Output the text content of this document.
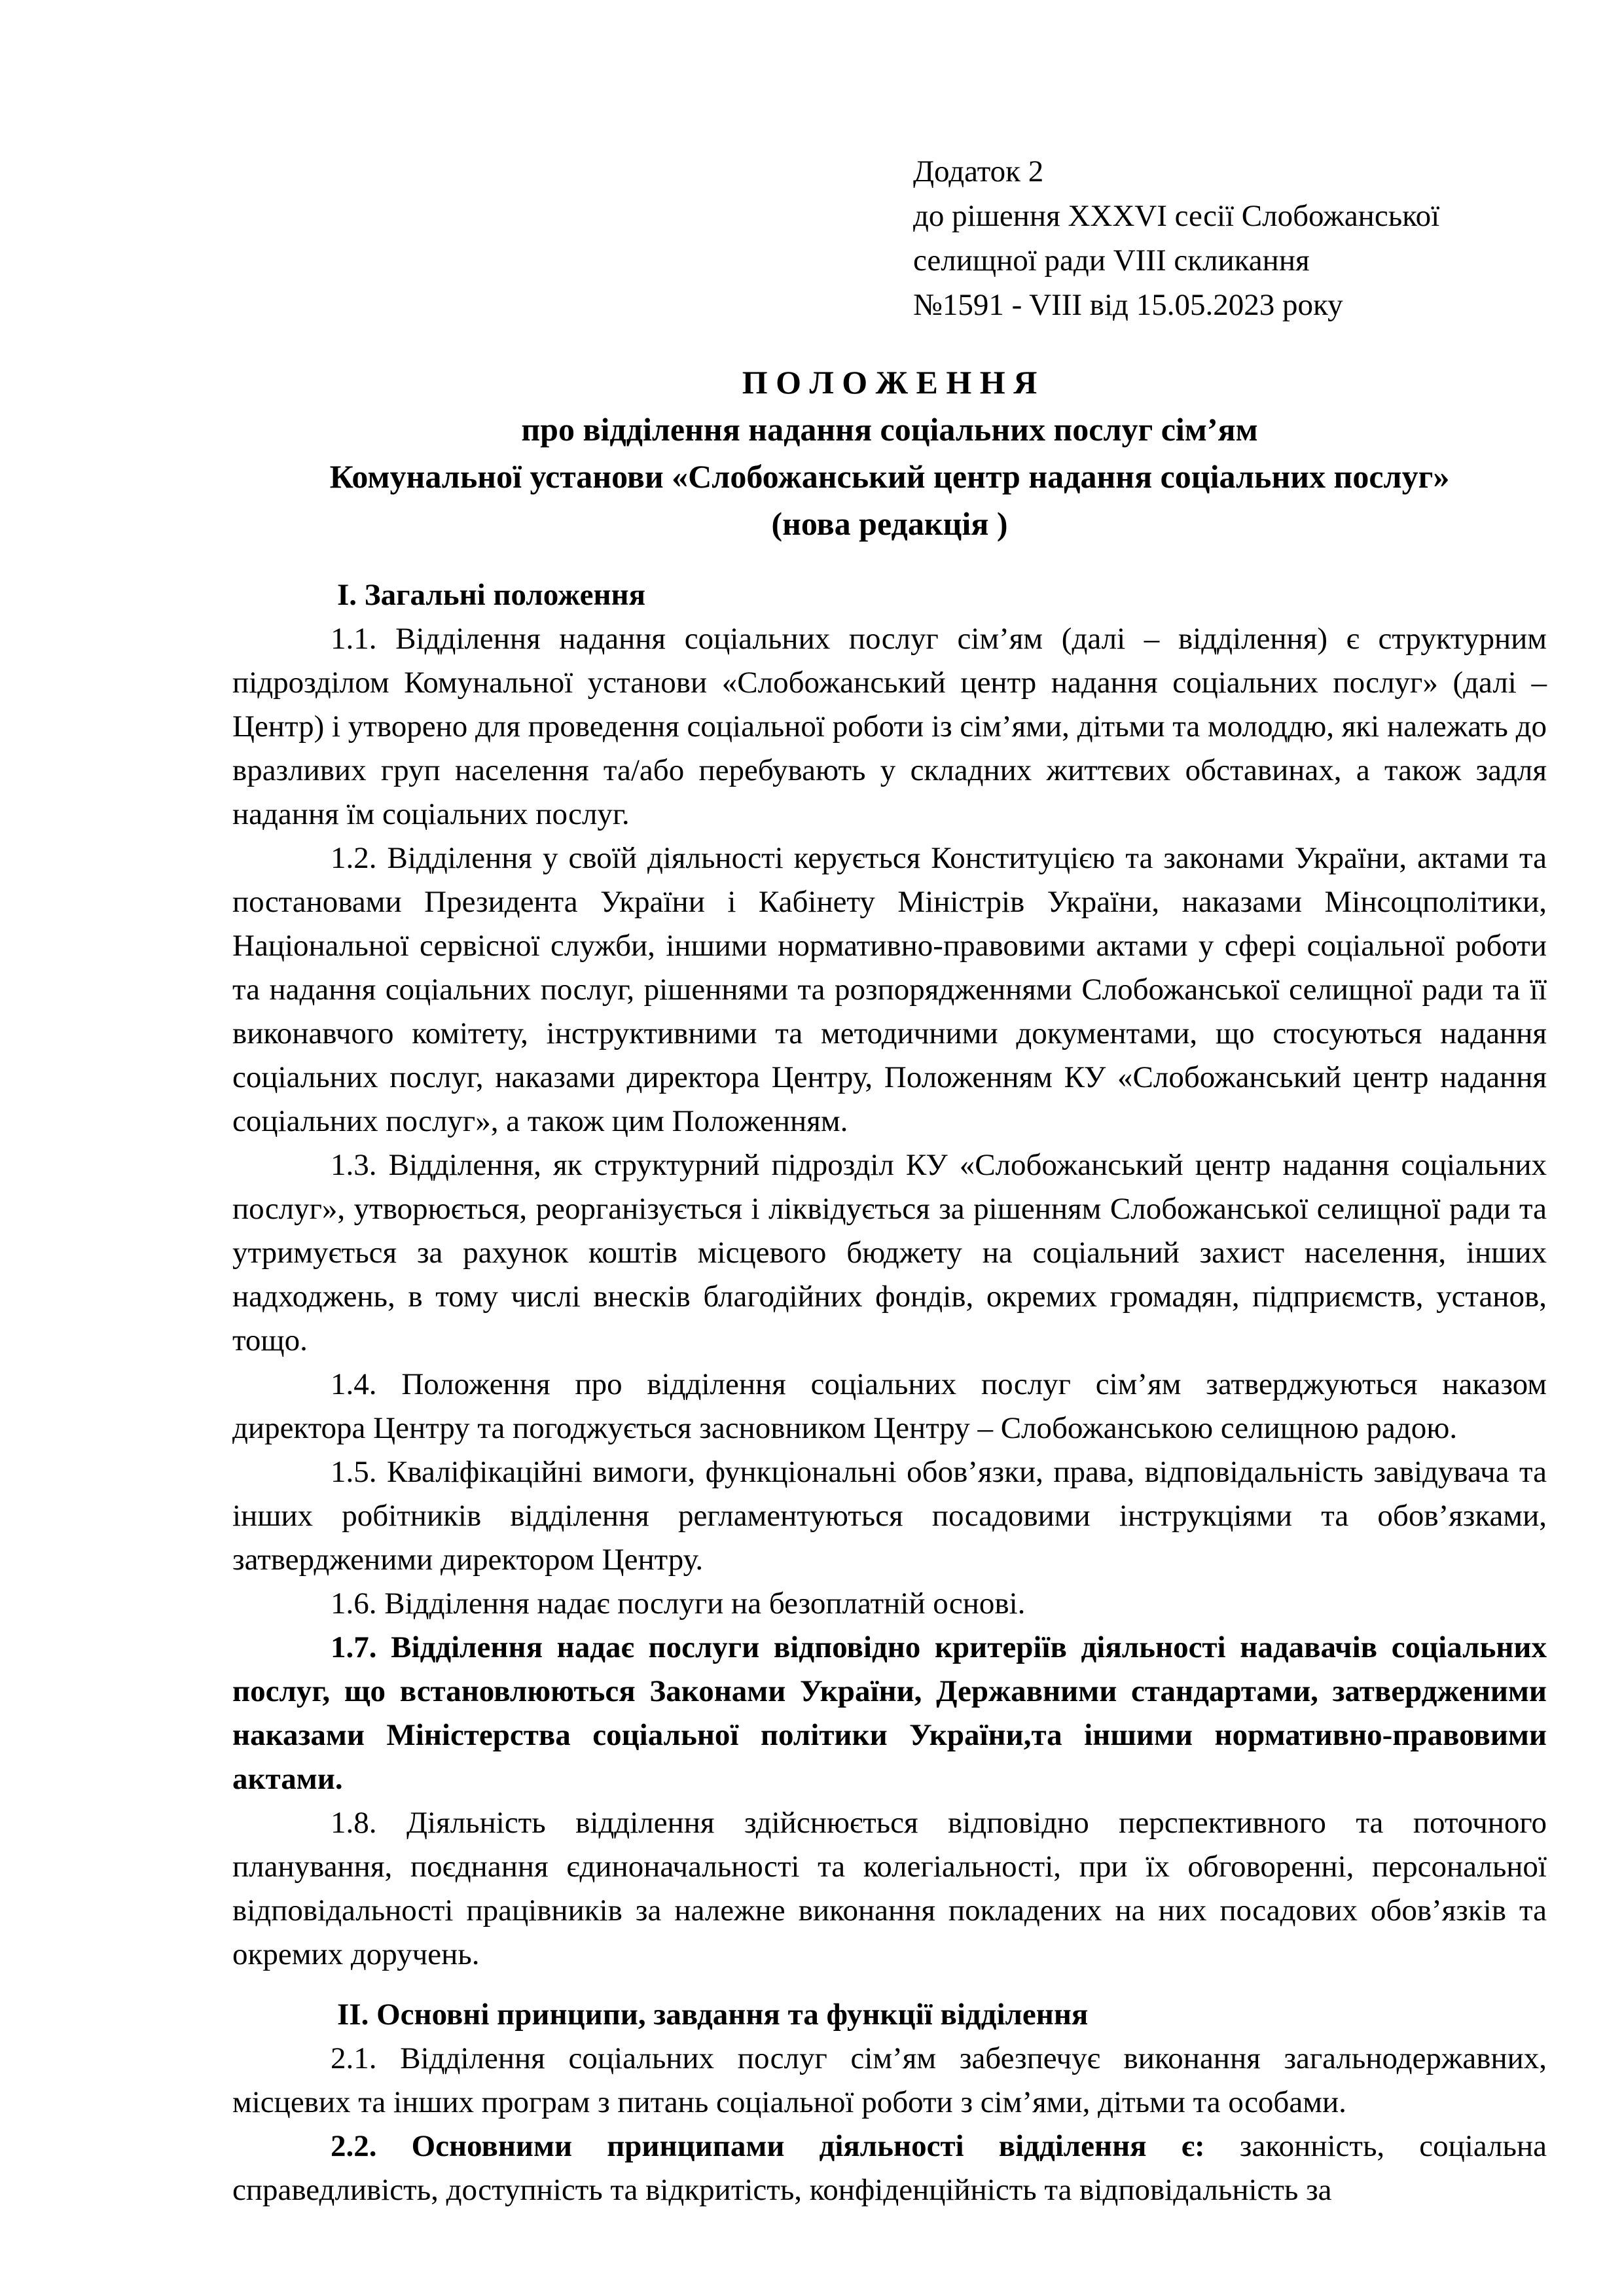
Додаток 2
до рішення XXXVI сесії Слобожанської
селищної ради VIII скликання
№1591 - VIII від 15.05.2023 року
П О Л О Ж Е Н Н Я
про відділення надання соціальних послуг сім’ям
Комунальної установи «Слобожанський центр надання соціальних послуг»
(нова редакція )
І. Загальні положення

1.1. Відділення надання соціальних послуг сім’ям (далі – відділення) є структурним підрозділом Комунальної установи «Слобожанський центр надання соціальних послуг» (далі – Центр) і утворено для проведення соціальної роботи із сім’ями, дітьми та молоддю, які належать до вразливих груп населення та/або перебувають у складних життєвих обставинах, а також задля надання їм соціальних послуг.

1.2. Відділення у своїй діяльності керується Конституцією та законами України, актами та постановами Президента України і Кабінету Міністрів України, наказами Мінсоцполітики, Національної сервісної служби, іншими нормативно-правовими актами у сфері соціальної роботи та надання соціальних послуг, рішеннями та розпорядженнями Слобожанської селищної ради та її виконавчого комітету, інструктивними та методичними документами, що стосуються надання соціальних послуг, наказами директора Центру, Положенням КУ «Слобожанський центр надання соціальних послуг», а також цим Положенням.

1.3. Відділення, як структурний підрозділ КУ «Слобожанський центр надання соціальних послуг», утворюється, реорганізується і ліквідується за рішенням Слобожанської селищної ради та утримується за рахунок коштів місцевого бюджету на соціальний захист населення, інших надходжень, в тому числі внесків благодійних фондів, окремих громадян, підприємств, установ, тощо.

1.4. Положення про відділення соціальних послуг сім’ям затверджуються наказом директора Центру та погоджується засновником Центру – Слобожанською селищною радою.

1.5. Кваліфікаційні вимоги, функціональні обов’язки, права, відповідальність завідувача та інших робітників відділення регламентуються посадовими інструкціями та обов’язками, затвердженими директором Центру.

1.6. Відділення надає послуги на безоплатній основі.

1.7. Відділення надає послуги відповідно критеріїв діяльності надавачів соціальних послуг, що встановлюються Законами України, Державними стандартами, затвердженими наказами Міністерства соціальної політики України,та іншими нормативно-правовими актами.

1.8. Діяльність відділення здійснюється відповідно перспективного та поточного планування, поєднання єдиноначальності та колегіальності, при їх обговоренні, персональної відповідальності працівників за належне виконання покладених на них посадових обов’язків та окремих доручень.

ІІ. Основні принципи, завдання та функції відділення

2.1. Відділення соціальних послуг сім’ям забезпечує виконання загальнодержавних, місцевих та інших програм з питань соціальної роботи з сім’ями, дітьми та особами.

2.2. Основними принципами діяльності відділення є: законність, соціальна справедливість, доступність та відкритість, конфіденційність та відповідальність за
